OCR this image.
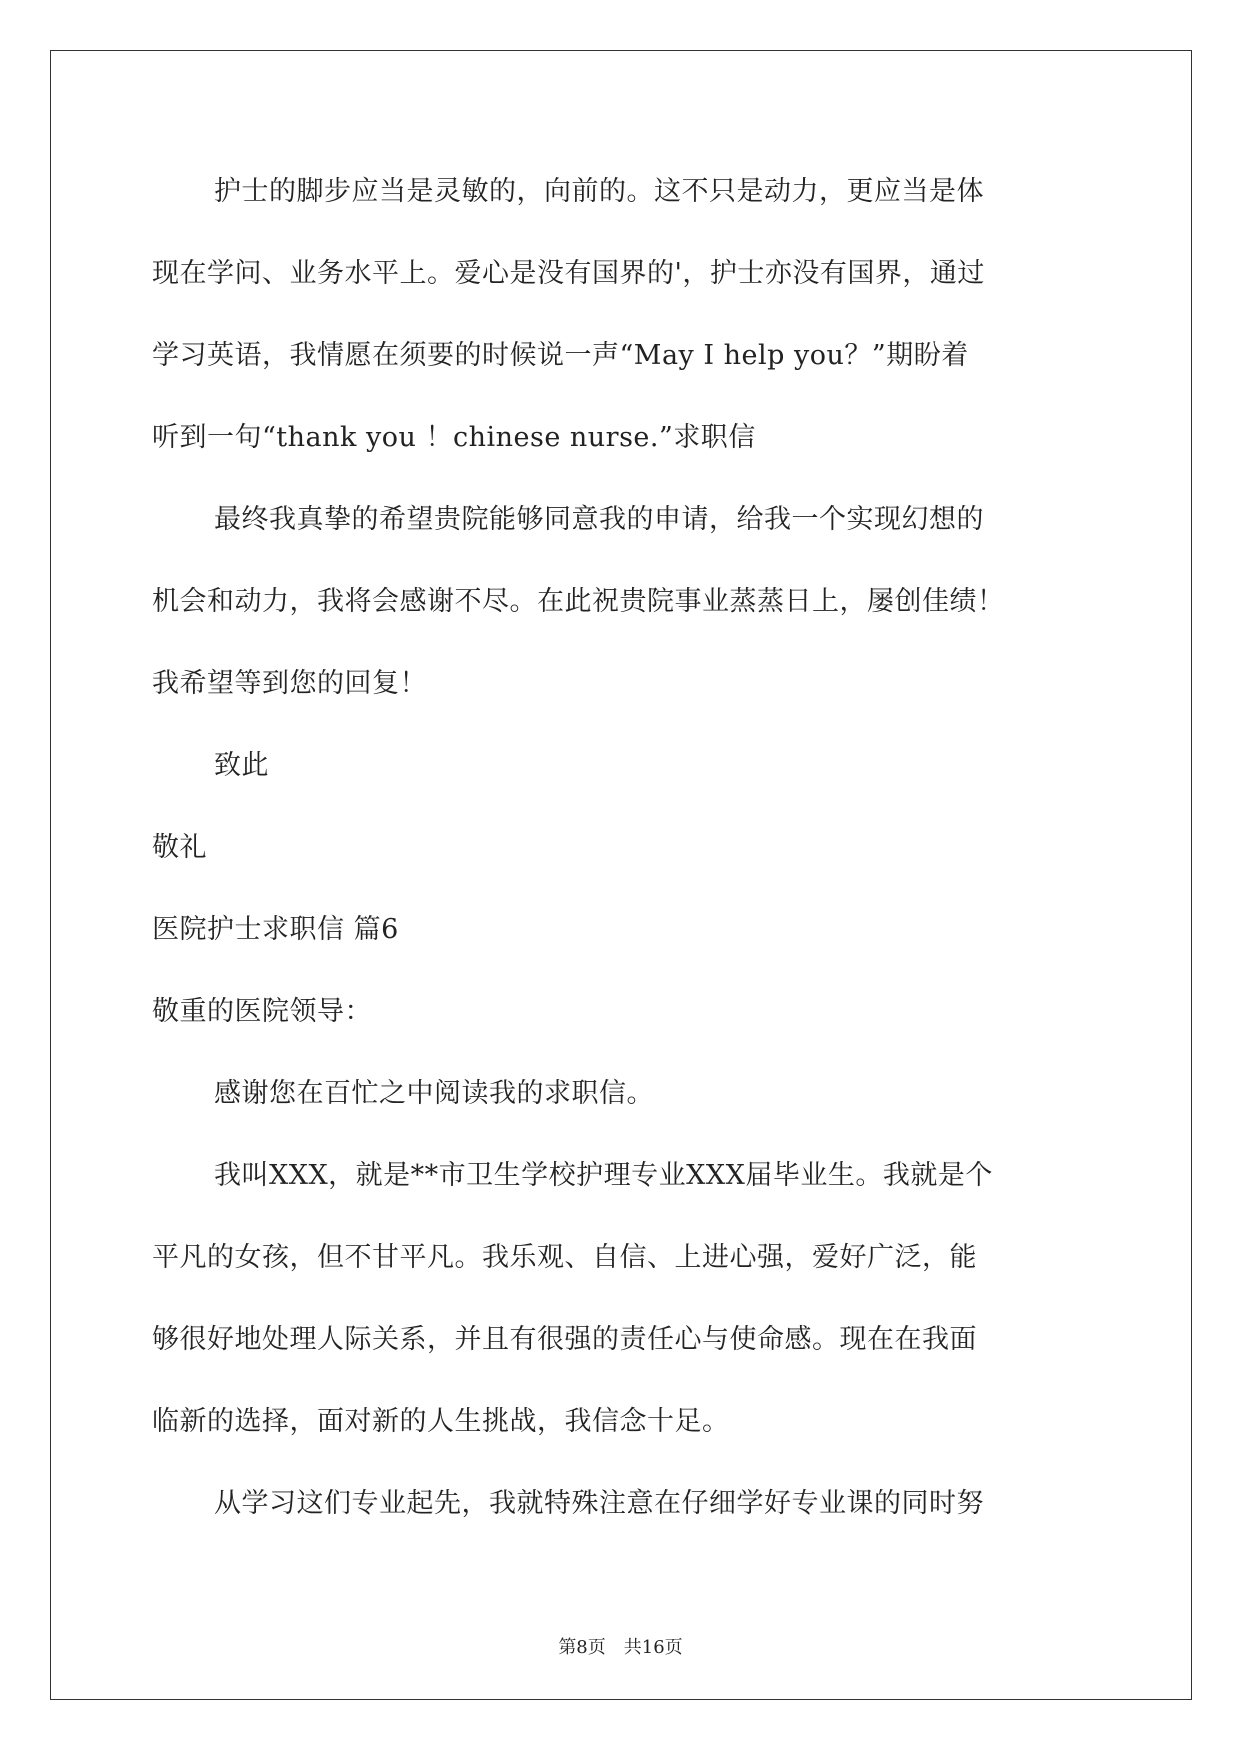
护士的脚步应当是灵敏的，向前的。这不只是动力，更应当是体
现在学问、业务水平上。爱心是没有国界的'，护士亦没有国界，通过
学习英语，我情愿在须要的时候说一声“May I help you？”期盼着
听到一句“thank you ！chinese nurse.”求职信
最终我真挚的希望贵院能够同意我的申请，给我一个实现幻想的
机会和动力，我将会感谢不尽。在此祝贵院事业蒸蒸日上，屡创佳绩！
我希望等到您的回复！
致此
敬礼
医院护士求职信 篇6
敬重的医院领导：
感谢您在百忙之中阅读我的求职信。
我叫XXX，就是**市卫生学校护理专业XXX届毕业生。我就是个
平凡的女孩，但不甘平凡。我乐观、自信、上进心强，爱好广泛，能
够很好地处理人际关系，并且有很强的责任心与使命感。现在在我面
临新的选择，面对新的人生挑战，我信念十足。
从学习这们专业起先，我就特殊注意在仔细学好专业课的同时努
第8页　共16页
